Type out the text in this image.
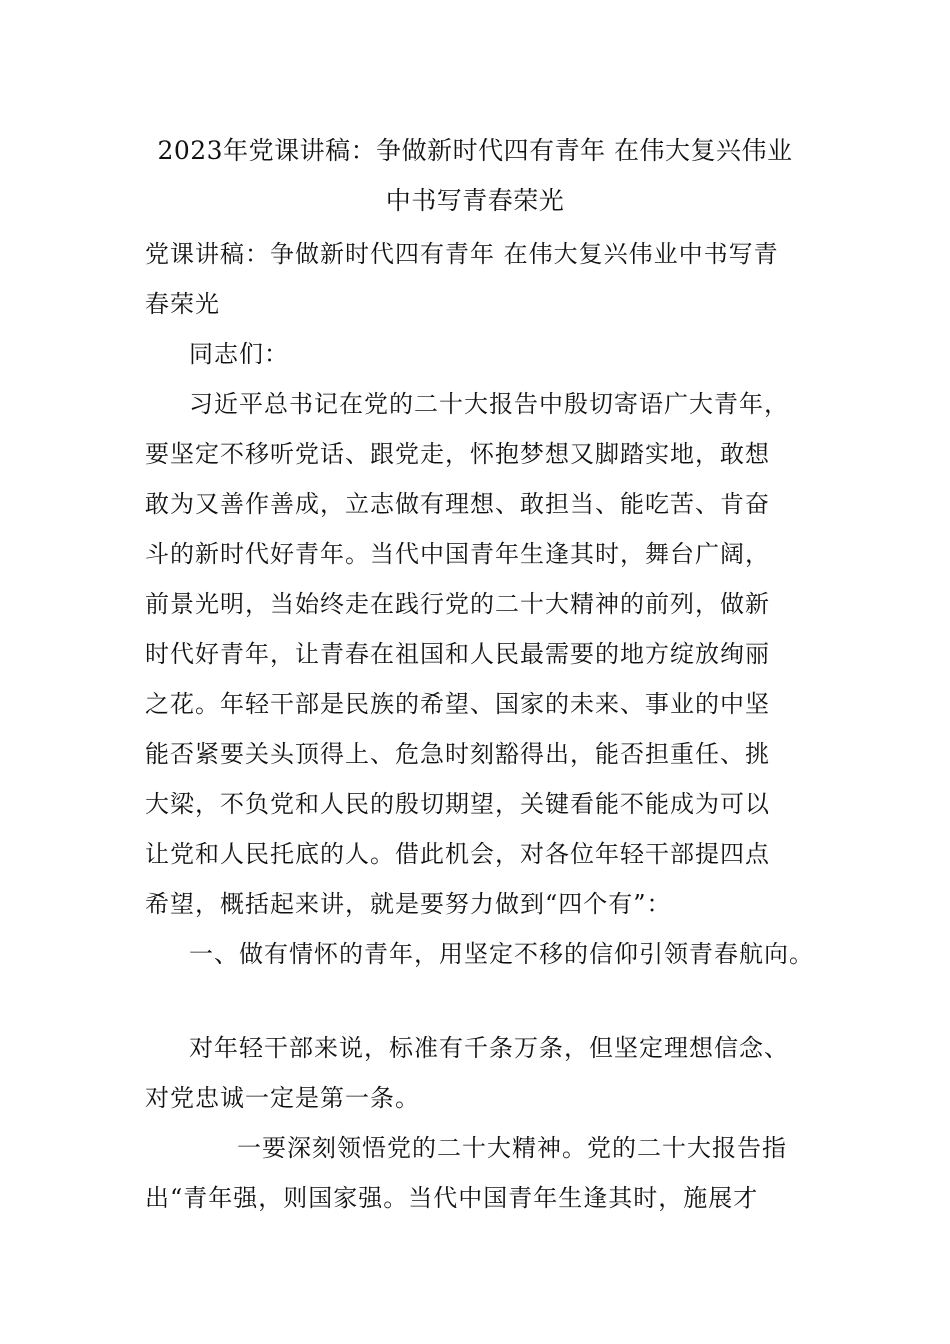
2023年党课讲稿：争做新时代四有青年 在伟大复兴伟业
中书写青春荣光

党课讲稿：争做新时代四有青年 在伟大复兴伟业中书写青

春荣光

同志们：

习近平总书记在党的二十大报告中殷切寄语广大青年，

要坚定不移听党话、跟党走，怀抱梦想又脚踏实地，敢想

敢为又善作善成，立志做有理想、敢担当、能吃苦、肯奋

斗的新时代好青年。当代中国青年生逢其时，舞台广阔，

前景光明，当始终走在践行党的二十大精神的前列，做新

时代好青年，让青春在祖国和人民最需要的地方绽放绚丽

之花。年轻干部是民族的希望、国家的未来、事业的中坚

能否紧要关头顶得上、危急时刻豁得出，能否担重任、挑

大梁，不负党和人民的殷切期望，关键看能不能成为可以

让党和人民托底的人。借此机会，对各位年轻干部提四点

希望，概括起来讲，就是要努力做到“四个有”：

一、做有情怀的青年，用坚定不移的信仰引领青春航向。

对年轻干部来说，标准有千条万条，但坚定理想信念、

对党忠诚一定是第一条。

一要深刻领悟党的二十大精神。党的二十大报告指

出“青年强，则国家强。当代中国青年生逢其时，施展才
